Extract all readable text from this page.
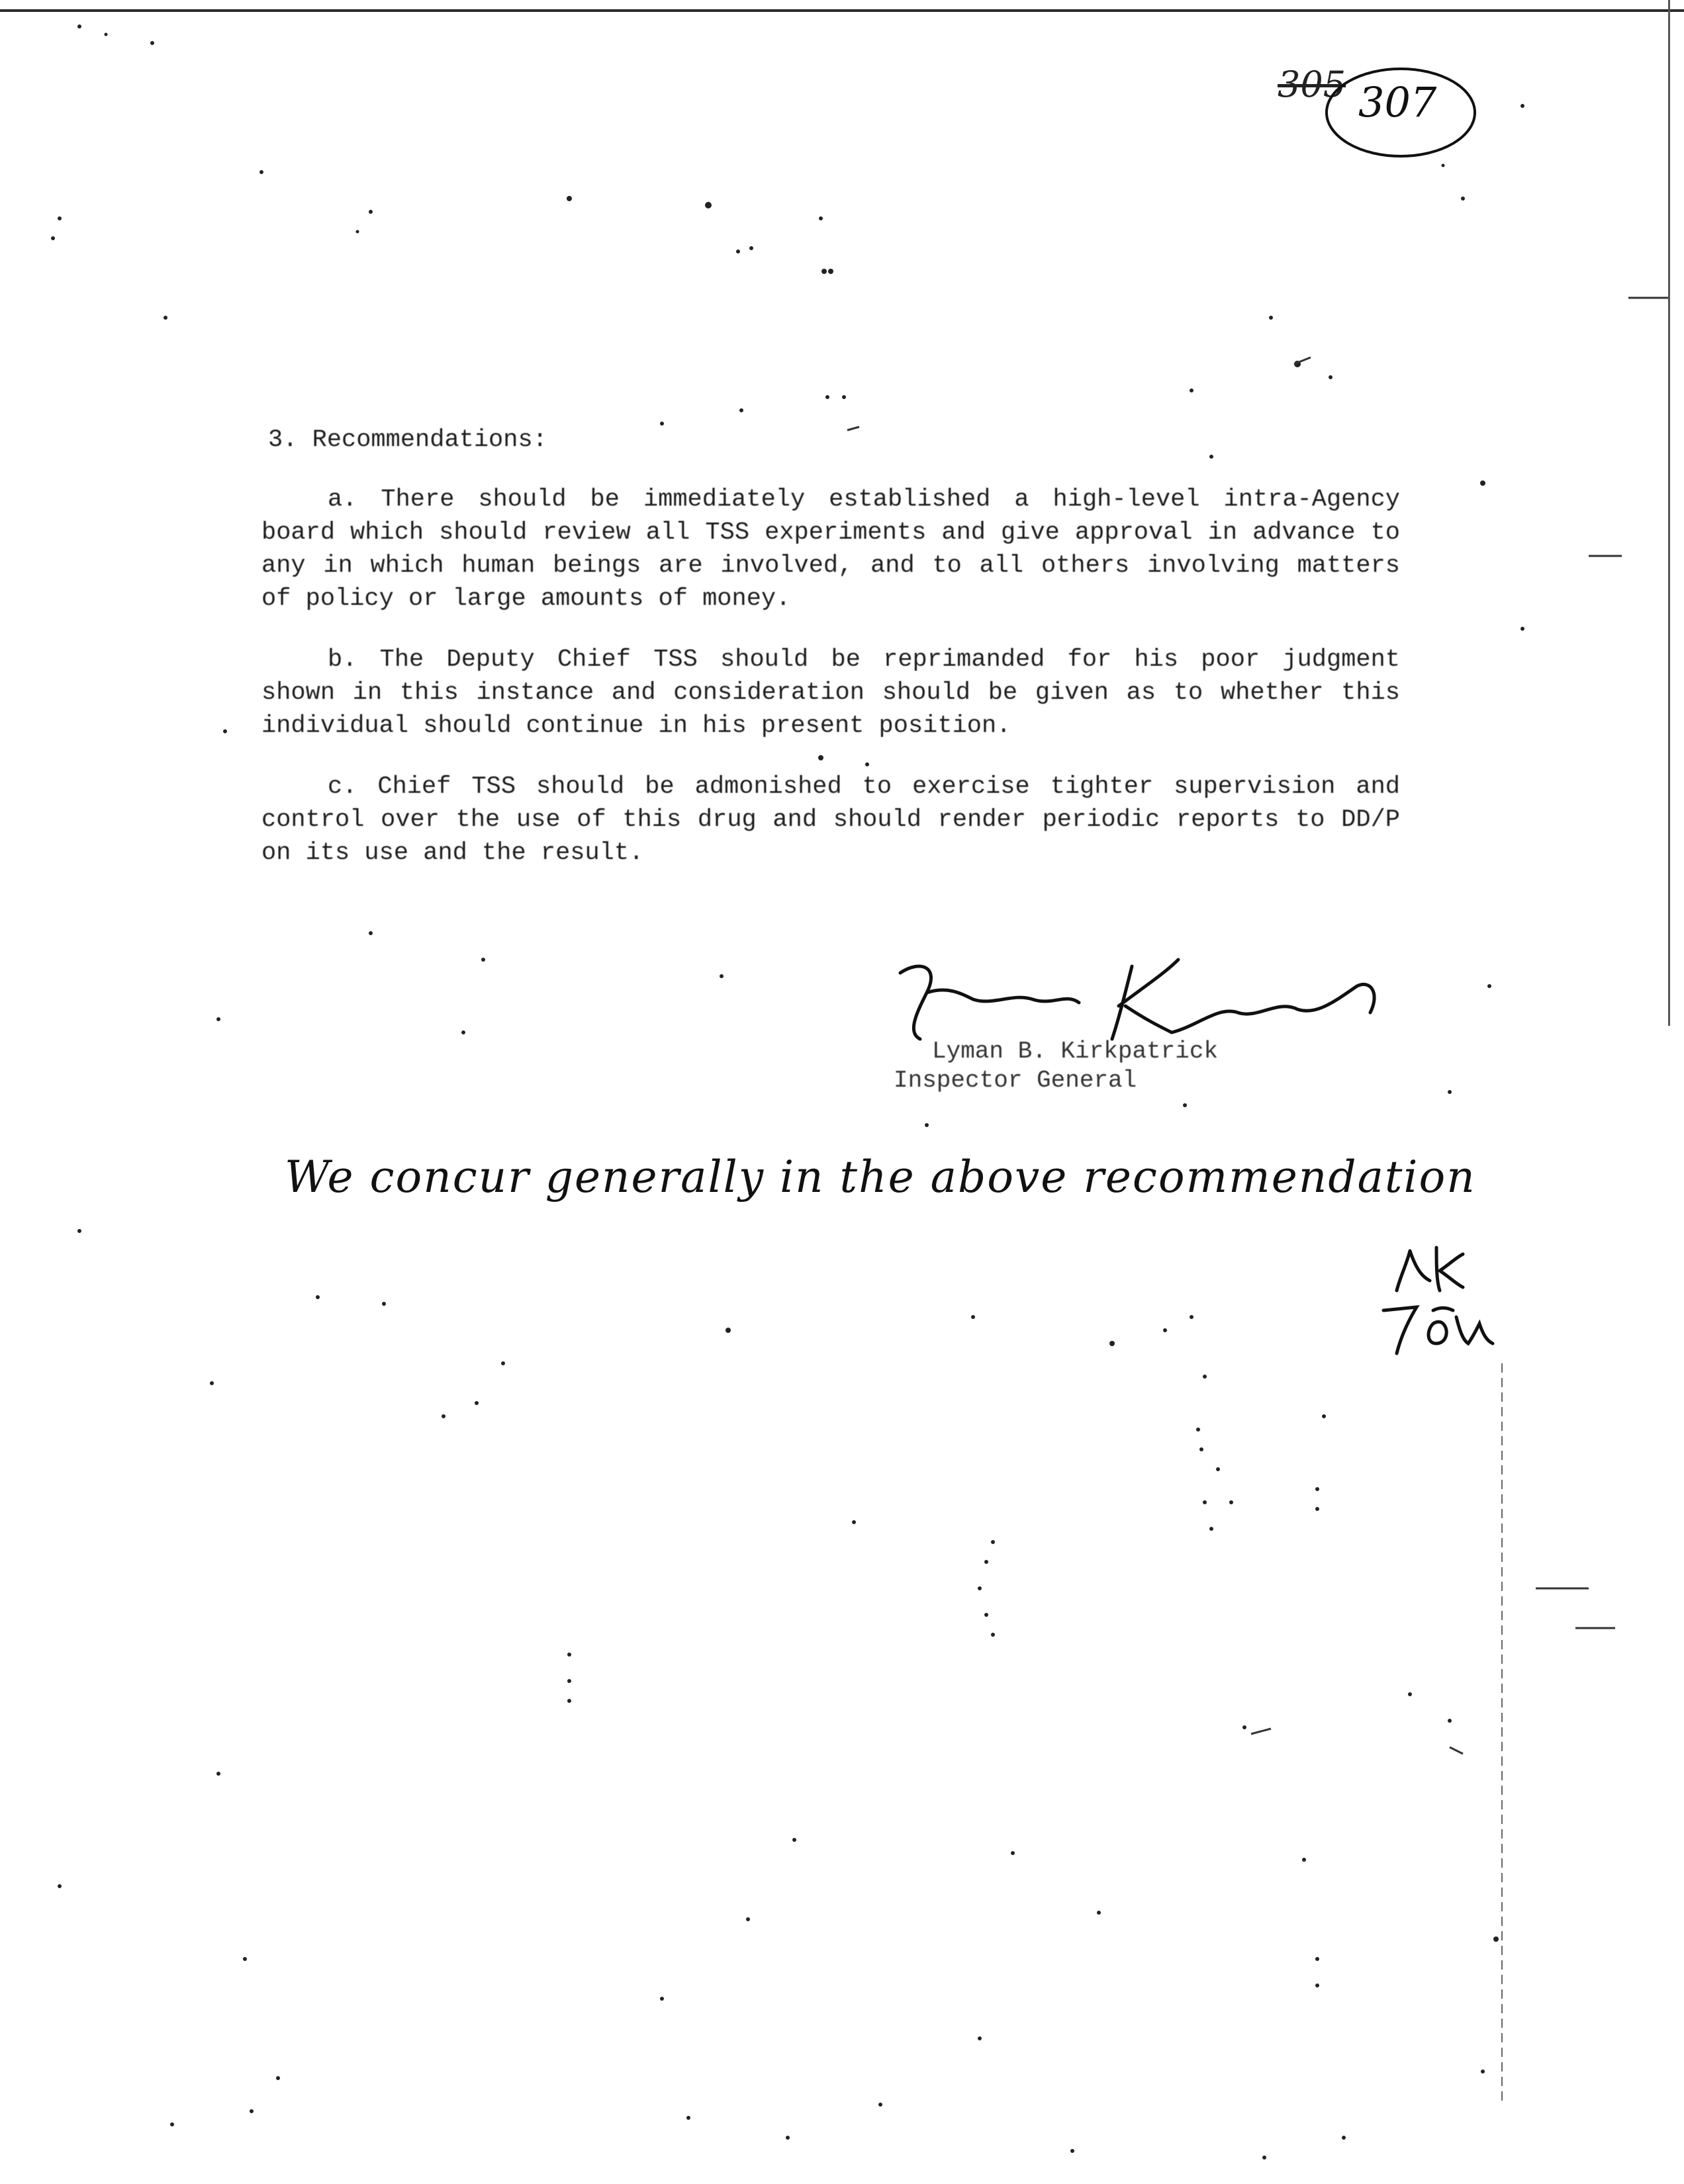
305 307
3. Recommendations:

a. There should be immediately established a high-level intra-Agency board which should review all TSS experiments and give approval in advance to any in which human beings are involved, and to all others involving matters of policy or large amounts of money.

b. The Deputy Chief TSS should be reprimanded for his poor judgment shown in this instance and consideration should be given as to whether this individual should continue in his present position.

c. Chief TSS should be admonished to exercise tighter supervision and control over the use of this drug and should render periodic reports to DD/P on its use and the result.

Lyman B. Kirkpatrick
Inspector General
We concur generally in the above recommendation
